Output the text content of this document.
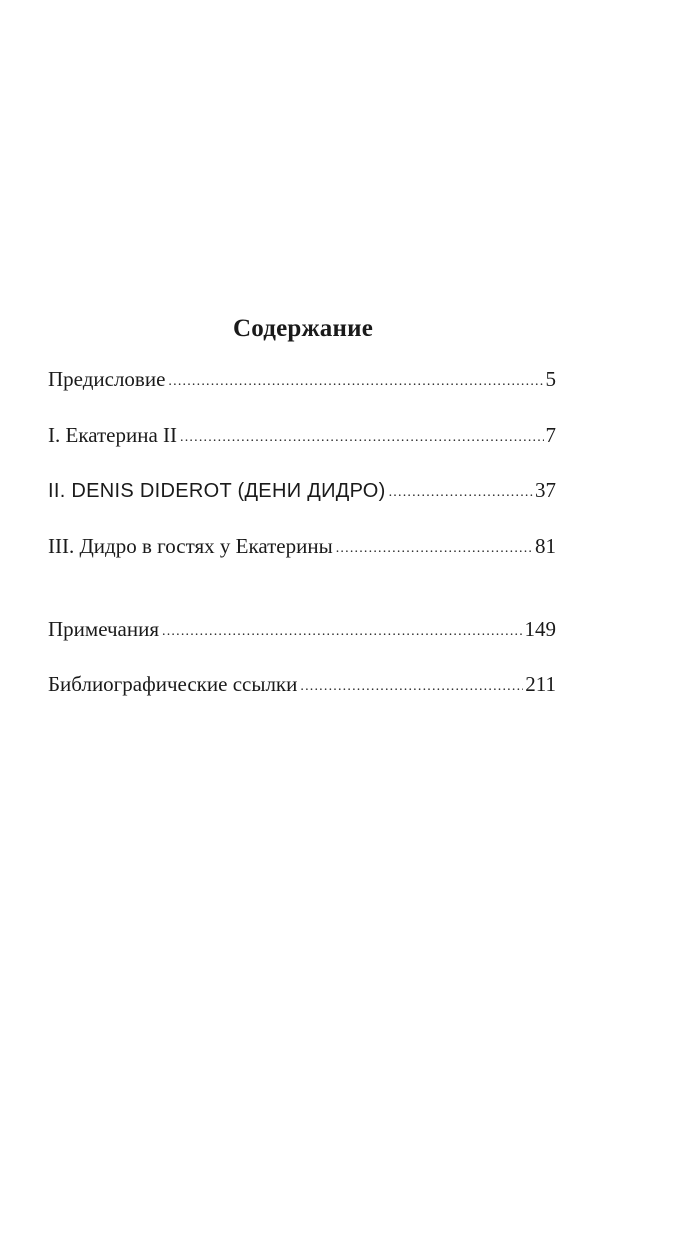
Содержание
Предисловие .....	5
I. Екатерина II .....	7
II. DENIS DIDEROT (ДЕНИ ДИДРО) .....	37
III. Дидро в гостях у Екатерины .....	81
Примечания .....	149
Библиографические ссылки .....	211
